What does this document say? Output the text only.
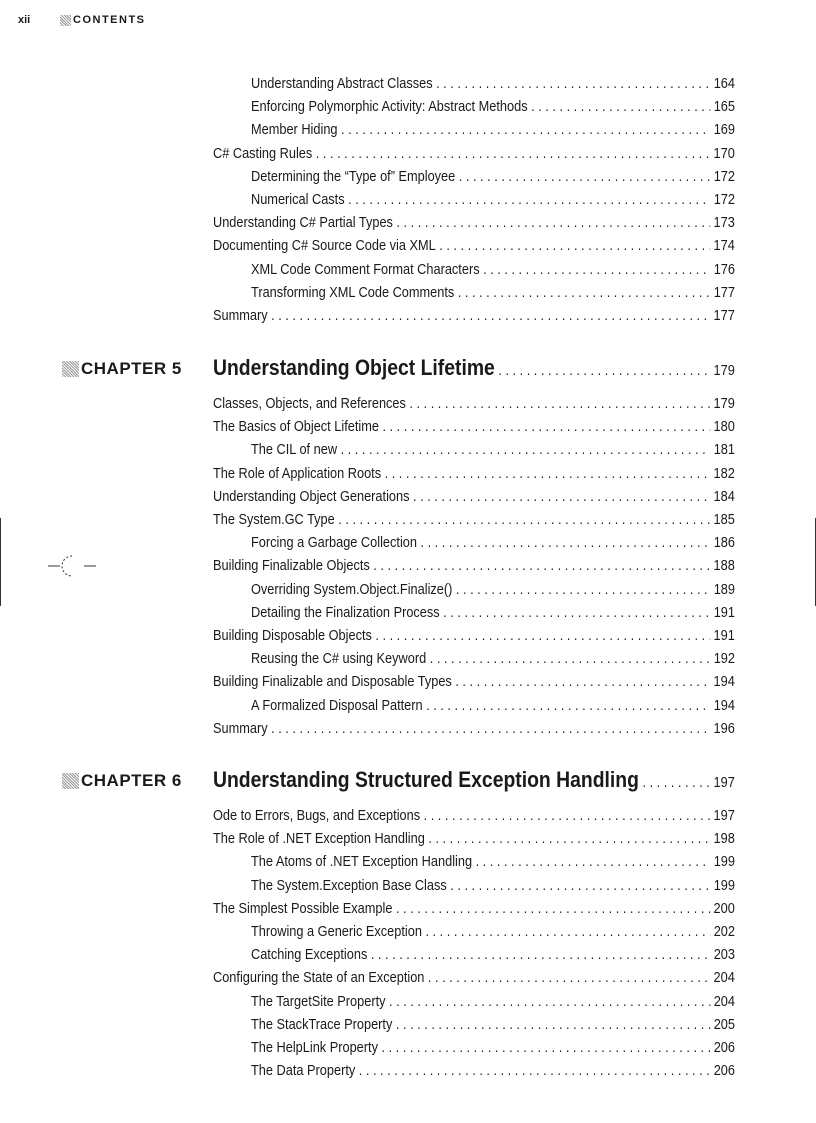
xii	CONTENTS
Understanding Abstract Classes . . .	164
Enforcing Polymorphic Activity: Abstract Methods . . .	165
Member Hiding . . .	169
C# Casting Rules . . .	170
Determining the “Type of” Employee . . .	172
Numerical Casts . . .	172
Understanding C# Partial Types . . .	173
Documenting C# Source Code via XML . . .	174
XML Code Comment Format Characters . . .	176
Transforming XML Code Comments . . .	177
Summary . . .	177
CHAPTER 5 Understanding Object Lifetime . . .	179
Classes, Objects, and References . . .	179
The Basics of Object Lifetime . . .	180
The CIL of new . . .	181
The Role of Application Roots . . .	182
Understanding Object Generations . . .	184
The System.GC Type . . .	185
Forcing a Garbage Collection . . .	186
Building Finalizable Objects . . .	188
Overriding System.Object.Finalize() . . .	189
Detailing the Finalization Process . . .	191
Building Disposable Objects . . .	191
Reusing the C# using Keyword . . .	192
Building Finalizable and Disposable Types . . .	194
A Formalized Disposal Pattern . . .	194
Summary . . .	196
CHAPTER 6 Understanding Structured Exception Handling . . .	197
Ode to Errors, Bugs, and Exceptions . . .	197
The Role of .NET Exception Handling . . .	198
The Atoms of .NET Exception Handling . . .	199
The System.Exception Base Class . . .	199
The Simplest Possible Example . . .	200
Throwing a Generic Exception . . .	202
Catching Exceptions . . .	203
Configuring the State of an Exception . . .	204
The TargetSite Property . . .	204
The StackTrace Property . . .	205
The HelpLink Property . . .	206
The Data Property . . .	206
